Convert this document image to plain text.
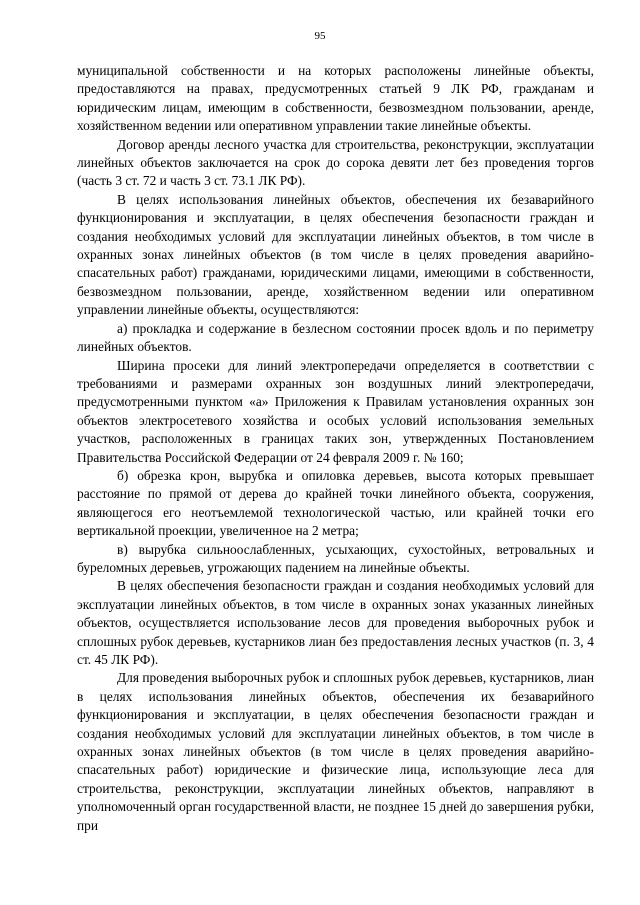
95

муниципальной собственности и на которых расположены линейные объекты, предоставляются на правах, предусмотренных статьей 9 ЛК РФ, гражданам и юридическим лицам, имеющим в собственности, безвозмездном пользовании, аренде, хозяйственном ведении или оперативном управлении такие линейные объекты.

Договор аренды лесного участка для строительства, реконструкции, эксплуатации линейных объектов заключается на срок до сорока девяти лет без проведения торгов (часть 3 ст. 72 и часть 3 ст. 73.1 ЛК РФ).

В целях использования линейных объектов, обеспечения их безаварийного функционирования и эксплуатации, в целях обеспечения безопасности граждан и создания необходимых условий для эксплуатации линейных объектов, в том числе в охранных зонах линейных объектов (в том числе в целях проведения аварийно-спасательных работ) гражданами, юридическими лицами, имеющими в собственности, безвозмездном пользовании, аренде, хозяйственном ведении или оперативном управлении линейные объекты, осуществляются:

а) прокладка и содержание в безлесном состоянии просек вдоль и по периметру линейных объектов.

Ширина просеки для линий электропередачи определяется в соответствии с требованиями и размерами охранных зон воздушных линий электропередачи, предусмотренными пунктом «а» Приложения к Правилам установления охранных зон объектов электросетевого хозяйства и особых условий использования земельных участков, расположенных в границах таких зон, утвержденных Постановлением Правительства Российской Федерации от 24 февраля 2009 г. № 160;

б) обрезка крон, вырубка и опиловка деревьев, высота которых превышает расстояние по прямой от дерева до крайней точки линейного объекта, сооружения, являющегося его неотъемлемой технологической частью, или крайней точки его вертикальной проекции, увеличенное на 2 метра;

в) вырубка сильноослабленных, усыхающих, сухостойных, ветровальных и буреломных деревьев, угрожающих падением на линейные объекты.

В целях обеспечения безопасности граждан и создания необходимых условий для эксплуатации линейных объектов, в том числе в охранных зонах указанных линейных объектов, осуществляется использование лесов для проведения выборочных рубок и сплошных рубок деревьев, кустарников лиан без предоставления лесных участков (п. 3, 4 ст. 45 ЛК РФ).

Для проведения выборочных рубок и сплошных рубок деревьев, кустарников, лиан в целях использования линейных объектов, обеспечения их безаварийного функционирования и эксплуатации, в целях обеспечения безопасности граждан и создания необходимых условий для эксплуатации линейных объектов, в том числе в охранных зонах линейных объектов (в том числе в целях проведения аварийно-спасательных работ) юридические и физические лица, использующие леса для строительства, реконструкции, эксплуатации линейных объектов, направляют в уполномоченный орган государственной власти, не позднее 15 дней до завершения рубки, при
